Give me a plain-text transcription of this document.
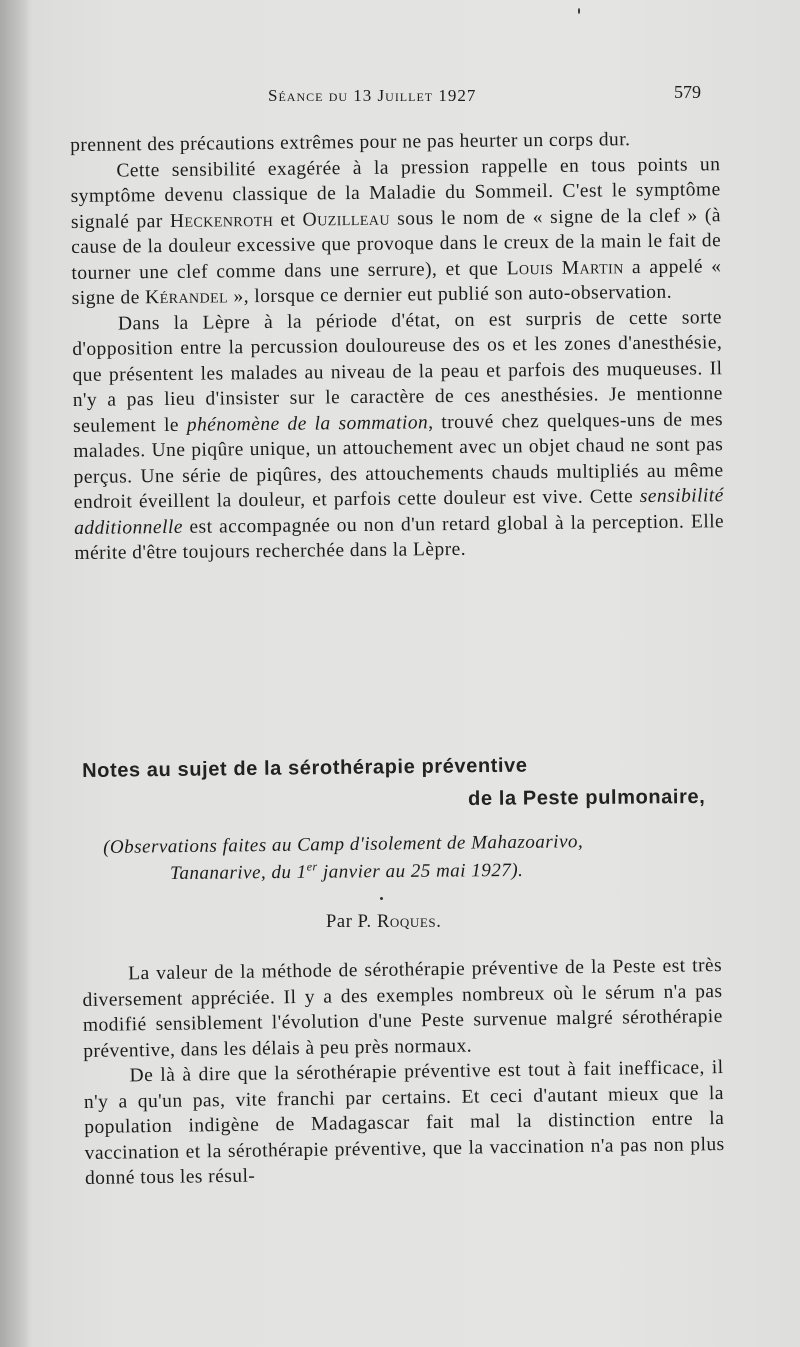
Séance du 13 Juillet 1927	579

prennent des précautions extrêmes pour ne pas heurter un corps dur.

Cette sensibilité exagérée à la pression rappelle en tous points un symptôme devenu classique de la Maladie du Sommeil. C'est le symptôme signalé par Heckenroth et Ouzilleau sous le nom de « signe de la clef » (à cause de la douleur excessive que provoque dans le creux de la main le fait de tourner une clef comme dans une serrure), et que Louis Martin a appelé « signe de Kérandel », lorsque ce dernier eut publié son auto-observation.

Dans la Lèpre à la période d'état, on est surpris de cette sorte d'opposition entre la percussion douloureuse des os et les zones d'anesthésie, que présentent les malades au niveau de la peau et parfois des muqueuses. Il n'y a pas lieu d'insister sur le caractère de ces anesthésies. Je mentionne seulement le phénomène de la sommation, trouvé chez quelques-uns de mes malades. Une piqûre unique, un attouchement avec un objet chaud ne sont pas perçus. Une série de piqûres, des attouchements chauds multipliés au même endroit éveillent la douleur, et parfois cette douleur est vive. Cette sensibilité additionnelle est accompagnée ou non d'un retard global à la perception. Elle mérite d'être toujours recherchée dans la Lèpre.

Notes au sujet de la sérothérapie préventive
de la Peste pulmonaire,
(Observations faites au Camp d'isolement de Mahazoarivo,
Tananarive, du 1er janvier au 25 mai 1927).
Par P. Roques.

La valeur de la méthode de sérothérapie préventive de la Peste est très diversement appréciée. Il y a des exemples nombreux où le sérum n'a pas modifié sensiblement l'évolution d'une Peste survenue malgré sérothérapie préventive, dans les délais à peu près normaux.

De là à dire que la sérothérapie préventive est tout à fait inefficace, il n'y a qu'un pas, vite franchi par certains. Et ceci d'autant mieux que la population indigène de Madagascar fait mal la distinction entre la vaccination et la sérothérapie préventive, que la vaccination n'a pas non plus donné tous les résul-
